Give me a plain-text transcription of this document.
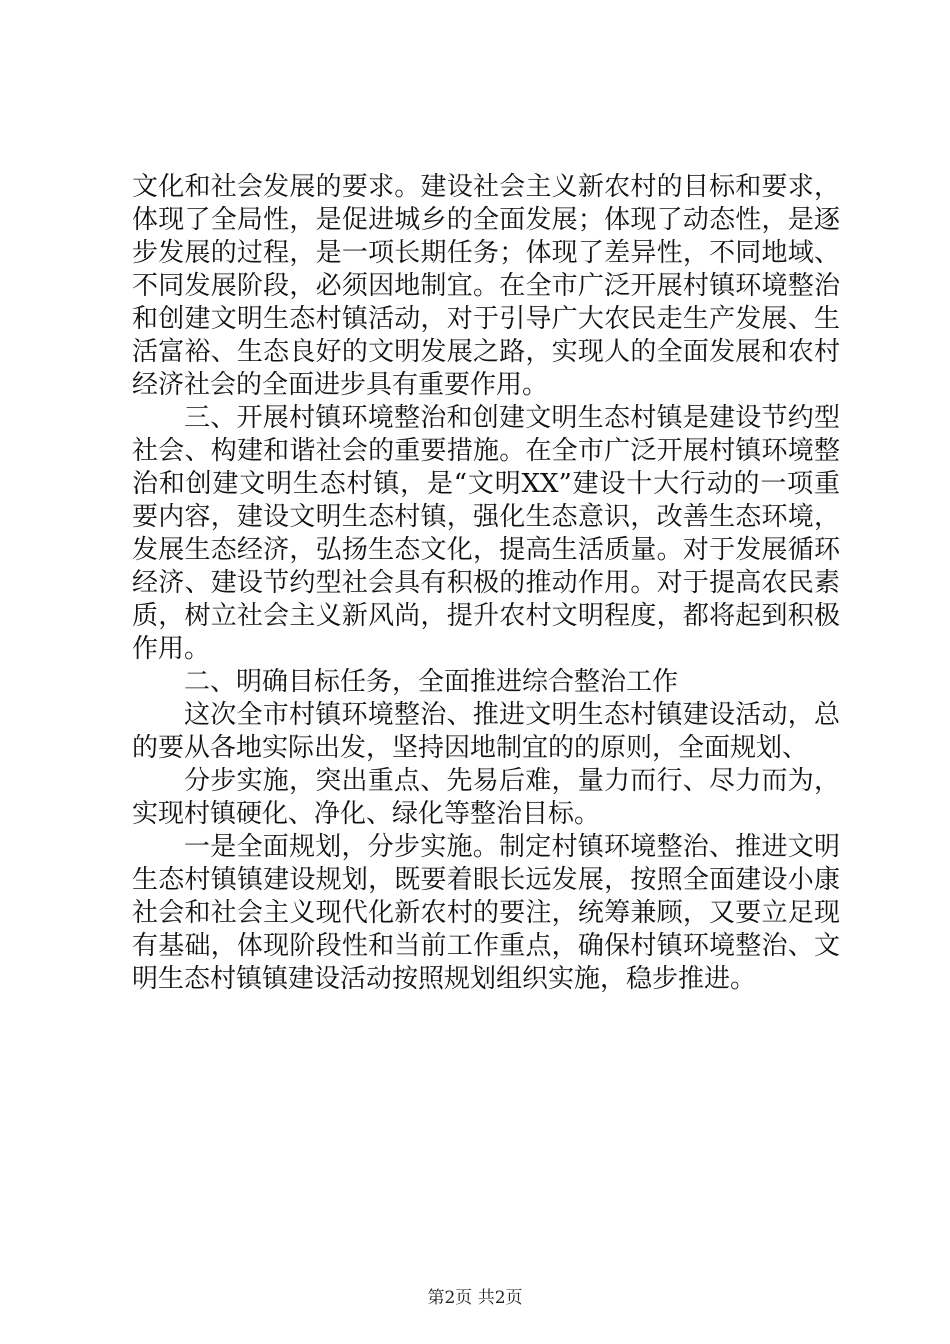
文化和社会发展的要求。建设社会主义新农村的目标和要求，
体现了全局性，是促进城乡的全面发展；体现了动态性，是逐
步发展的过程，是一项长期任务；体现了差异性，不同地域、
不同发展阶段，必须因地制宜。在全市广泛开展村镇环境整治
和创建文明生态村镇活动，对于引导广大农民走生产发展、生
活富裕、生态良好的文明发展之路，实现人的全面发展和农村
经济社会的全面进步具有重要作用。
三、开展村镇环境整治和创建文明生态村镇是建设节约型
社会、构建和谐社会的重要措施。在全市广泛开展村镇环境整
治和创建文明生态村镇，是“文明XX”建设十大行动的一项重
要内容，建设文明生态村镇，强化生态意识，改善生态环境，
发展生态经济，弘扬生态文化，提高生活质量。对于发展循环
经济、建设节约型社会具有积极的推动作用。对于提高农民素
质，树立社会主义新风尚，提升农村文明程度，都将起到积极
作用。
二、明确目标任务，全面推进综合整治工作
这次全市村镇环境整治、推进文明生态村镇建设活动，总
的要从各地实际出发，坚持因地制宜的的原则，全面规划、
分步实施，突出重点、先易后难，量力而行、尽力而为，
实现村镇硬化、净化、绿化等整治目标。
一是全面规划，分步实施。制定村镇环境整治、推进文明
生态村镇镇建设规划，既要着眼长远发展，按照全面建设小康
社会和社会主义现代化新农村的要注，统筹兼顾，又要立足现
有基础，体现阶段性和当前工作重点，确保村镇环境整治、文
明生态村镇镇建设活动按照规划组织实施，稳步推进。
第2页 共2页
